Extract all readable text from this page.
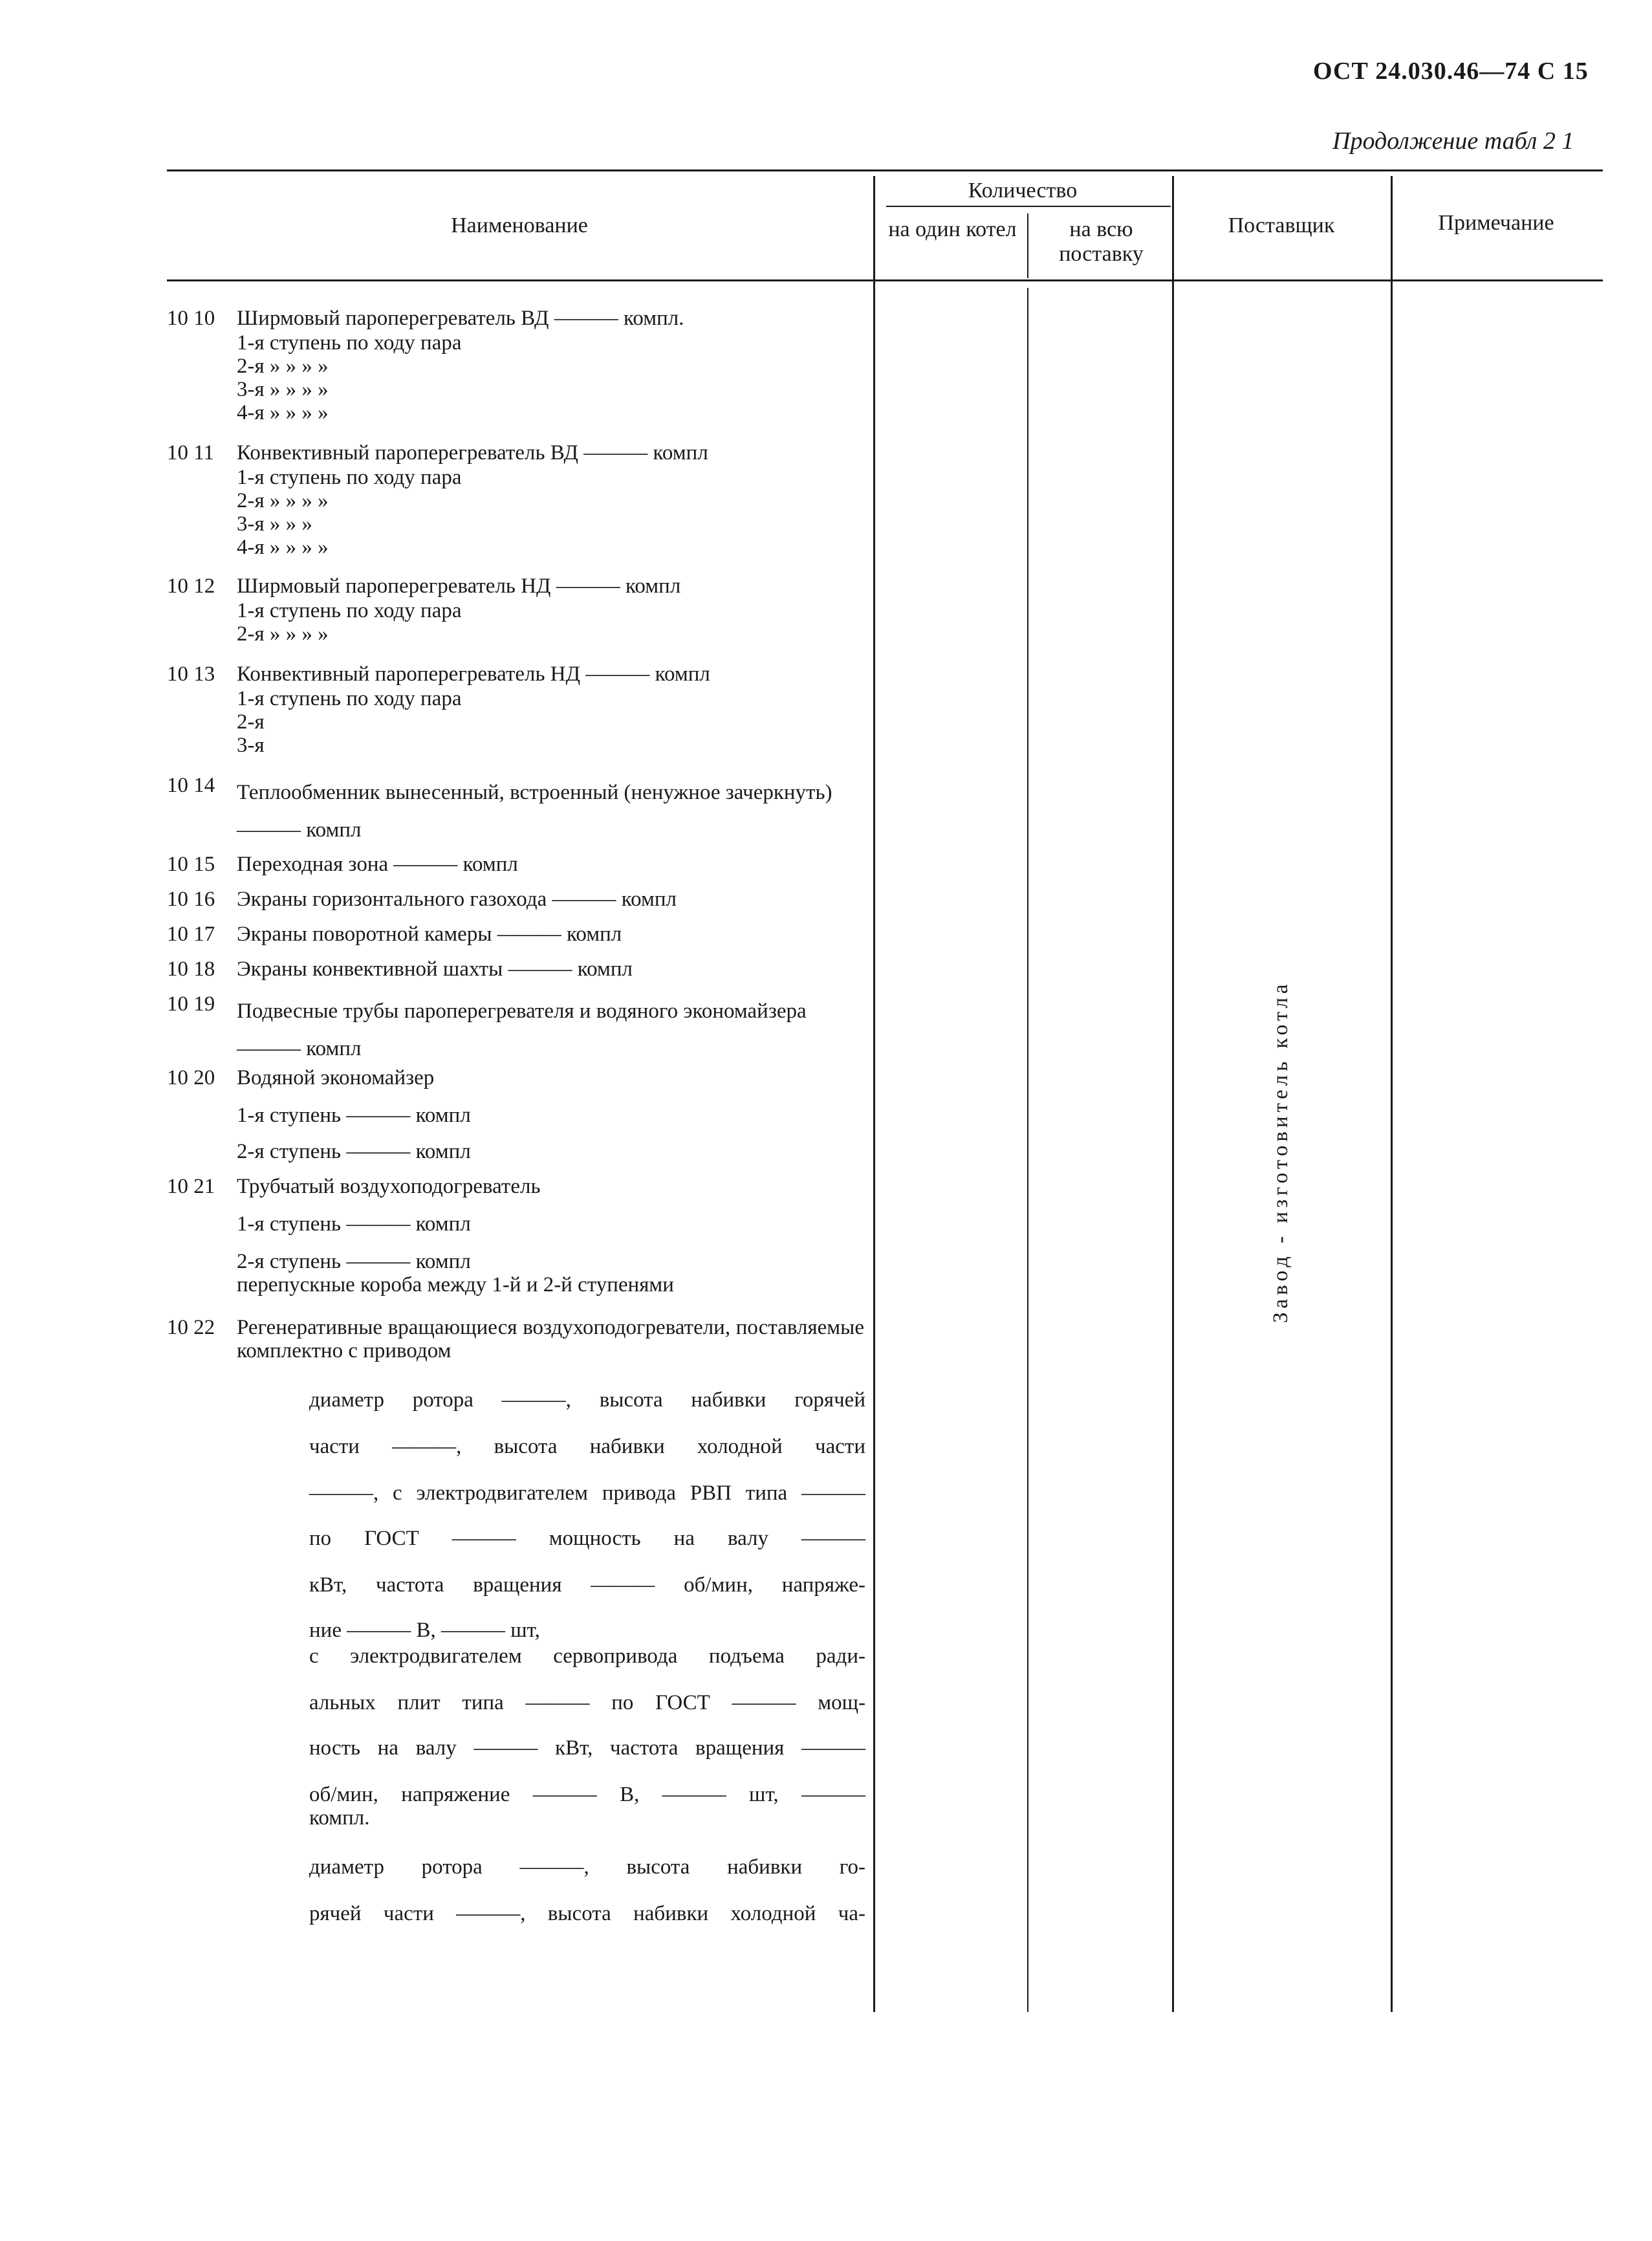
ОСТ 24.030.46—74 С 15
Продолжение табл 2 1
Наименование
Количество
на один котел	на всю поставку
Поставщик	Примечание
10 10	Ширмовый пароперегреватель ВД ——— компл.
1-я ступень по ходу пара
2-я » » » »
3-я » » » »
4-я » » » »
10 11	Конвективный пароперегреватель ВД ——— компл
1-я ступень по ходу пара
2-я » » » »
3-я » » »
4-я » » » »
10 12	Ширмовый пароперегреватель НД ——— компл
1-я ступень по ходу пара
2-я » » » »
10 13	Конвективный пароперегреватель НД ——— компл
1-я ступень по ходу пара
2-я
3-я
10 14	Теплообменник вынесенный, встроенный (ненужное зачеркнуть) ——— компл
10 15	Переходная зона ——— компл
10 16	Экраны горизонтального газохода ——— компл
10 17	Экраны поворотной камеры ——— компл
10 18	Экраны конвективной шахты ——— компл
10 19	Подвесные трубы пароперегревателя и водяного экономайзера ——— компл
10 20	Водяной экономайзер
1-я ступень ——— компл
2-я ступень ——— компл
10 21	Трубчатый воздухоподогреватель
1-я ступень ——— компл
2-я ступень ——— компл
перепускные короба между 1-й и 2-й ступенями
10 22	Регенеративные вращающиеся воздухоподогреватели, поставляемые комплектно с приводом
диаметр ротора ———, высота набивки горячей
части ———, высота набивки холодной части
———, с электродвигателем привода РВП типа ———
по ГОСТ ——— мощность на валу ———
кВт, частота вращения ——— об/мин, напряже-
ние ——— В, ——— шт,
с электродвигателем сервопривода подъема ради-
альных плит типа ——— по ГОСТ ——— мощ-
ность на валу ——— кВт, частота вращения ———
об/мин, напряжение ——— В, ——— шт, ———
компл.
диаметр ротора ———, высота набивки го-
рячей части ———, высота набивки холодной ча-
Завод - изготовитель котла
